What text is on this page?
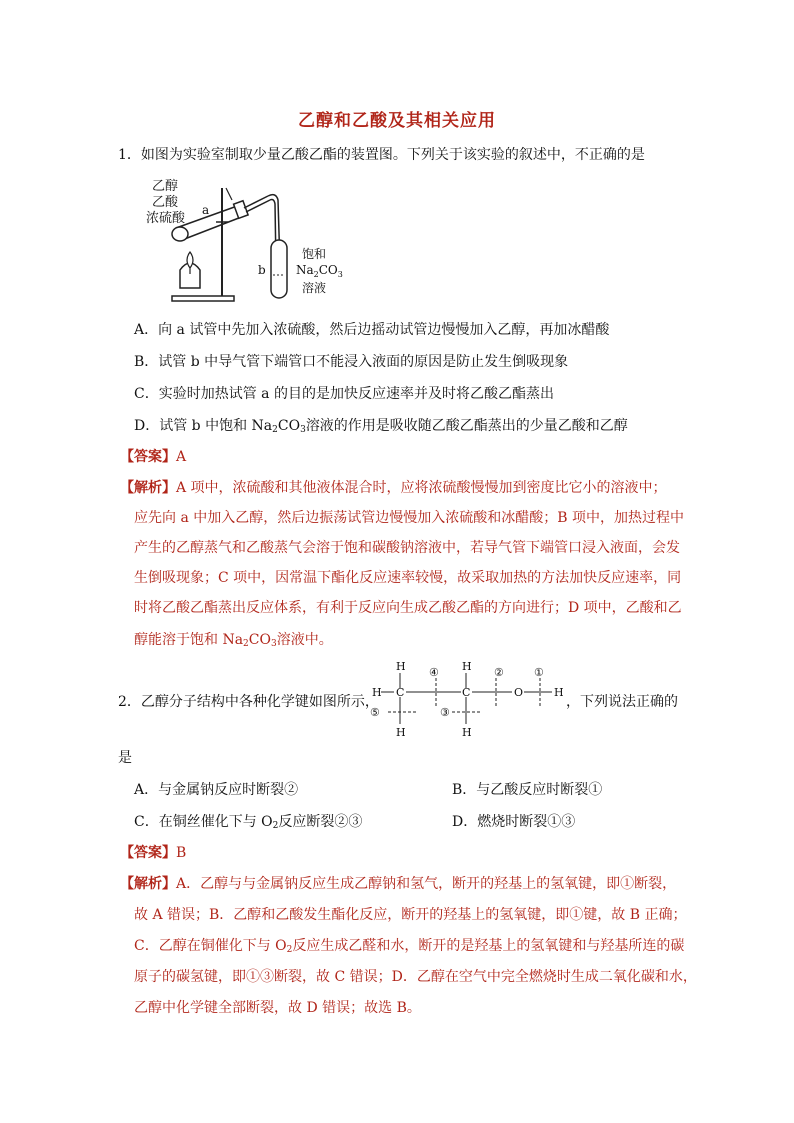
乙醇和乙酸及其相关应用
1．如图为实验室制取少量乙酸乙酯的装置图。下列关于该实验的叙述中，不正确的是
乙醇
乙酸
浓硫酸
a
b
饱和
$Na_2CO_3$
溶液
A．向 a 试管中先加入浓硫酸，然后边摇动试管边慢慢加入乙醇，再加冰醋酸
B．试管 b 中导气管下端管口不能浸入液面的原因是防止发生倒吸现象
C．实验时加热试管 a 的目的是加快反应速率并及时将乙酸乙酯蒸出
D．试管 b 中饱和 $Na_2CO_3$溶液的作用是吸收随乙酸乙酯蒸出的少量乙酸和乙醇
【答案】A
【解析】A 项中，浓硫酸和其他液体混合时，应将浓硫酸慢慢加到密度比它小的溶液中；
应先向 a 中加入乙醇，然后边振荡试管边慢慢加入浓硫酸和冰醋酸；B 项中，加热过程中
产生的乙醇蒸气和乙酸蒸气会溶于饱和碳酸钠溶液中，若导气管下端管口浸入液面，会发
生倒吸现象；C 项中，因常温下酯化反应速率较慢，故采取加热的方法加快反应速率，同
时将乙酸乙酯蒸出反应体系，有利于反应向生成乙酸乙酯的方向进行；D 项中，乙酸和乙
醇能溶于饱和 $Na_2CO_3$溶液中。
2．乙醇分子结构中各种化学键如图所示，
H	H
H C	C	O	H
H	H
④	②	①
⑤	③
，下列说法正确的
是
A．与金属钠反应时断裂②	B．与乙酸反应时断裂①
C．在铜丝催化下与 $O_2$反应断裂②③	D．燃烧时断裂①③
【答案】B
【解析】A．乙醇与与金属钠反应生成乙醇钠和氢气，断开的羟基上的氢氧键，即①断裂，
故 A 错误；B．乙醇和乙酸发生酯化反应，断开的羟基上的氢氧键，即①键，故 B 正确；
C．乙醇在铜催化下与 $O_2$反应生成乙醛和水，断开的是羟基上的氢氧键和与羟基所连的碳
原子的碳氢键，即①③断裂，故 C 错误；D．乙醇在空气中完全燃烧时生成二氧化碳和水，
乙醇中化学键全部断裂，故 D 错误；故选 B。
